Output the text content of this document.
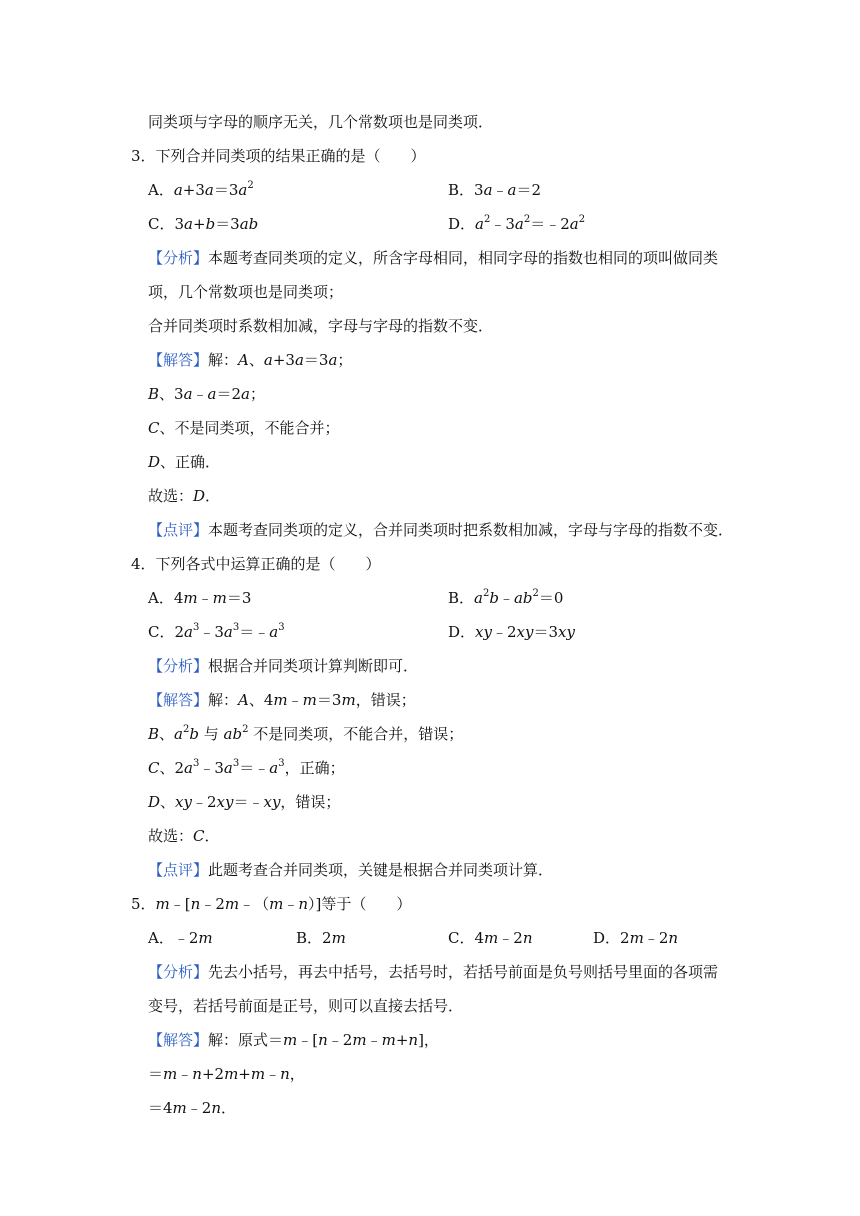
同类项与字母的顺序无关，几个常数项也是同类项．
3．下列合并同类项的结果正确的是（　　）
A．$a+3a=3a^2$	B．3a﹣a＝2
C．3a+b＝3ab	D．$a^2﹣3a^2=﹣2a^2$
【分析】本题考查同类项的定义，所含字母相同，相同字母的指数也相同的项叫做同类
项，几个常数项也是同类项；
合并同类项时系数相加减，字母与字母的指数不变．
【解答】解：A、a+3a＝3a；
B、3a﹣a＝2a；
C、不是同类项，不能合并；
D、正确．
故选：D．
【点评】本题考查同类项的定义，合并同类项时把系数相加减，字母与字母的指数不变．
4．下列各式中运算正确的是（　　）
A．4m﹣m＝3	B．$a^2b﹣ab^2=0$
C．$2a^3﹣3a^3=﹣a^3$	D．xy﹣2xy＝3xy
【分析】根据合并同类项计算判断即可．
【解答】解：A、4m﹣m＝3m，错误；
B、$a^2b$ 与 $ab^2$ 不是同类项，不能合并，错误；
C、$2a^3﹣3a^3=﹣a^3$，正确；
D、xy﹣2xy＝﹣xy，错误；
故选：C．
【点评】此题考查合并同类项，关键是根据合并同类项计算．
5．m﹣[n﹣2m﹣（m﹣n）]等于（　　）
A．﹣2m	B．2m	C．4m﹣2n	D．2m﹣2n
【分析】先去小括号，再去中括号，去括号时，若括号前面是负号则括号里面的各项需
变号，若括号前面是正号，则可以直接去括号．
【解答】解：原式＝m﹣[n﹣2m﹣m+n]，
＝m﹣n+2m+m﹣n，
＝4m﹣2n．
